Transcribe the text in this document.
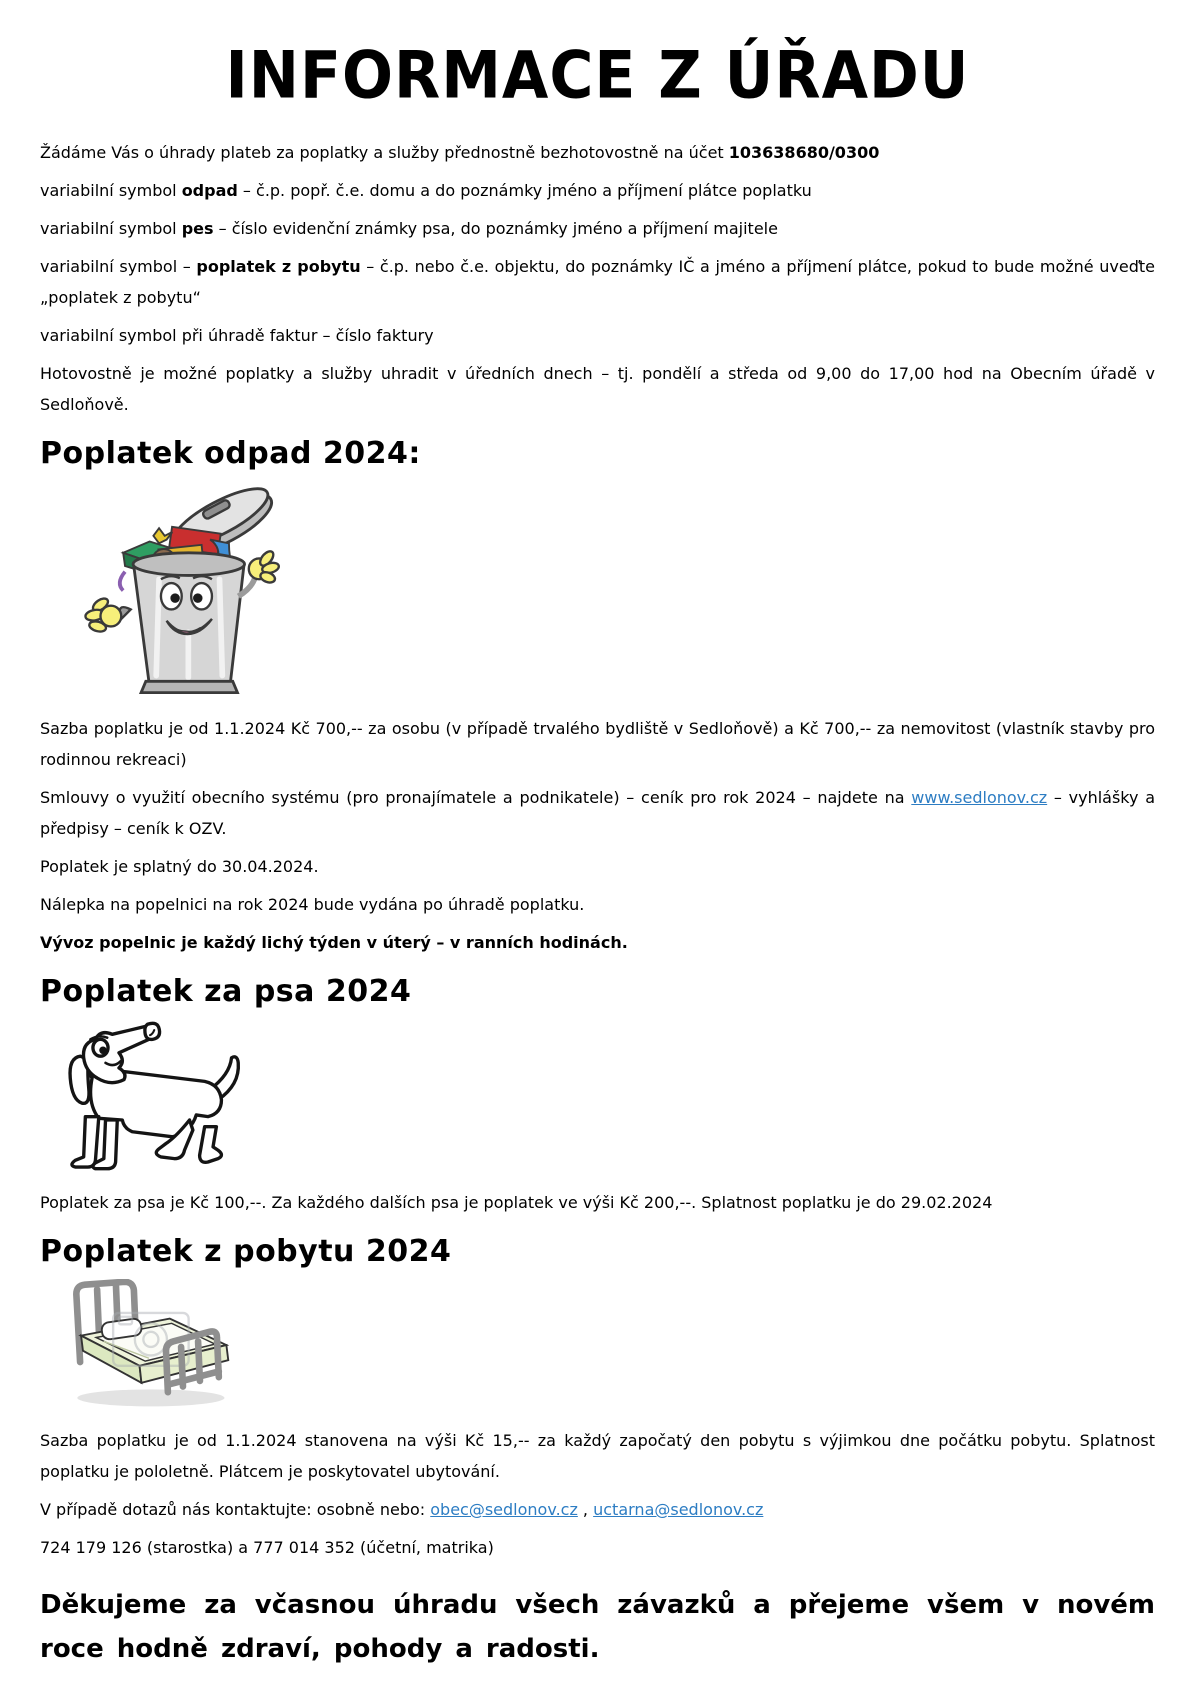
INFORMACE Z ÚŘADU

Žádáme Vás o úhrady plateb za poplatky a služby přednostně bezhotovostně na účet 103638680/0300

variabilní symbol odpad – č.p. popř. č.e. domu a do poznámky jméno a příjmení plátce poplatku

variabilní symbol pes – číslo evidenční známky psa, do poznámky jméno a příjmení majitele

variabilní symbol – poplatek z pobytu – č.p. nebo č.e. objektu, do poznámky IČ a jméno a příjmení plátce, pokud to bude možné uveďte „poplatek z pobytu“

variabilní symbol při úhradě faktur – číslo faktury

Hotovostně je možné poplatky a služby uhradit v úředních dnech – tj. pondělí a středa od 9,00 do 17,00 hod na Obecním úřadě v Sedloňově.

Poplatek odpad 2024:

Sazba poplatku je od 1.1.2024 Kč 700,-- za osobu (v případě trvalého bydliště v Sedloňově) a Kč 700,-- za nemovitost (vlastník stavby pro rodinnou rekreaci)

Smlouvy o využití obecního systému (pro pronajímatele a podnikatele) – ceník pro rok 2024 – najdete na www.sedlonov.cz – vyhlášky a předpisy – ceník k OZV.

Poplatek je splatný do 30.04.2024.

Nálepka na popelnici na rok 2024 bude vydána po úhradě poplatku.

Vývoz popelnic je každý lichý týden v úterý – v ranních hodinách.

Poplatek za psa 2024

Poplatek za psa je Kč 100,--. Za každého dalších psa je poplatek ve výši Kč 200,--. Splatnost poplatku je do 29.02.2024

Poplatek z pobytu 2024

Sazba poplatku je od 1.1.2024 stanovena na výši Kč 15,-- za každý započatý den pobytu s výjimkou dne počátku pobytu. Splatnost poplatku je pololetně. Plátcem je poskytovatel ubytování.

V případě dotazů nás kontaktujte: osobně nebo: obec@sedlonov.cz , uctarna@sedlonov.cz

724 179 126 (starostka) a 777 014 352 (účetní, matrika)

Děkujeme za včasnou úhradu všech závazků a přejeme všem v novém roce hodně zdraví, pohody a radosti.
